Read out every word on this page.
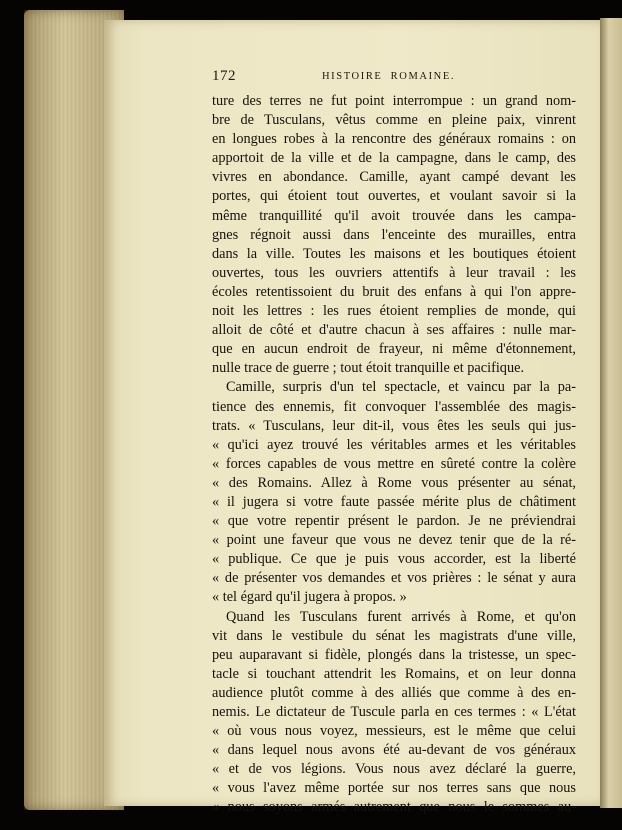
172	HISTOIRE ROMAINE.
ture des terres ne fut point interrompue : un grand nom-
bre de Tusculans, vêtus comme en pleine paix, vinrent
en longues robes à la rencontre des généraux romains : on
apportoit de la ville et de la campagne, dans le camp, des
vivres en abondance. Camille, ayant campé devant les
portes, qui étoient tout ouvertes, et voulant savoir si la
même tranquillité qu'il avoit trouvée dans les campa-
gnes régnoit aussi dans l'enceinte des murailles, entra
dans la ville. Toutes les maisons et les boutiques étoient
ouvertes, tous les ouvriers attentifs à leur travail : les
écoles retentissoient du bruit des enfans à qui l'on appre-
noit les lettres : les rues étoient remplies de monde, qui
alloit de côté et d'autre chacun à ses affaires : nulle mar-
que en aucun endroit de frayeur, ni même d'étonnement,
nulle trace de guerre ; tout étoit tranquille et pacifique.
Camille, surpris d'un tel spectacle, et vaincu par la pa-
tience des ennemis, fit convoquer l'assemblée des magis-
trats. « Tusculans, leur dit-il, vous êtes les seuls qui jus-
« qu'ici ayez trouvé les véritables armes et les véritables
« forces capables de vous mettre en sûreté contre la colère
« des Romains. Allez à Rome vous présenter au sénat,
« il jugera si votre faute passée mérite plus de châtiment
« que votre repentir présent le pardon. Je ne préviendrai
« point une faveur que vous ne devez tenir que de la ré-
« publique. Ce que je puis vous accorder, est la liberté
« de présenter vos demandes et vos prières : le sénat y aura
« tel égard qu'il jugera à propos. »
Quand les Tusculans furent arrivés à Rome, et qu'on
vit dans le vestibule du sénat les magistrats d'une ville,
peu auparavant si fidèle, plongés dans la tristesse, un spec-
tacle si touchant attendrit les Romains, et on leur donna
audience plutôt comme à des alliés que comme à des en-
nemis. Le dictateur de Tuscule parla en ces termes : « L'état
« où vous nous voyez, messieurs, est le même que celui
« dans lequel nous avons été au-devant de vos généraux
« et de vos légions. Vous nous avez déclaré la guerre,
« vous l'avez même portée sur nos terres sans que nous
« nous soyons armés autrement que nous le sommes au-
